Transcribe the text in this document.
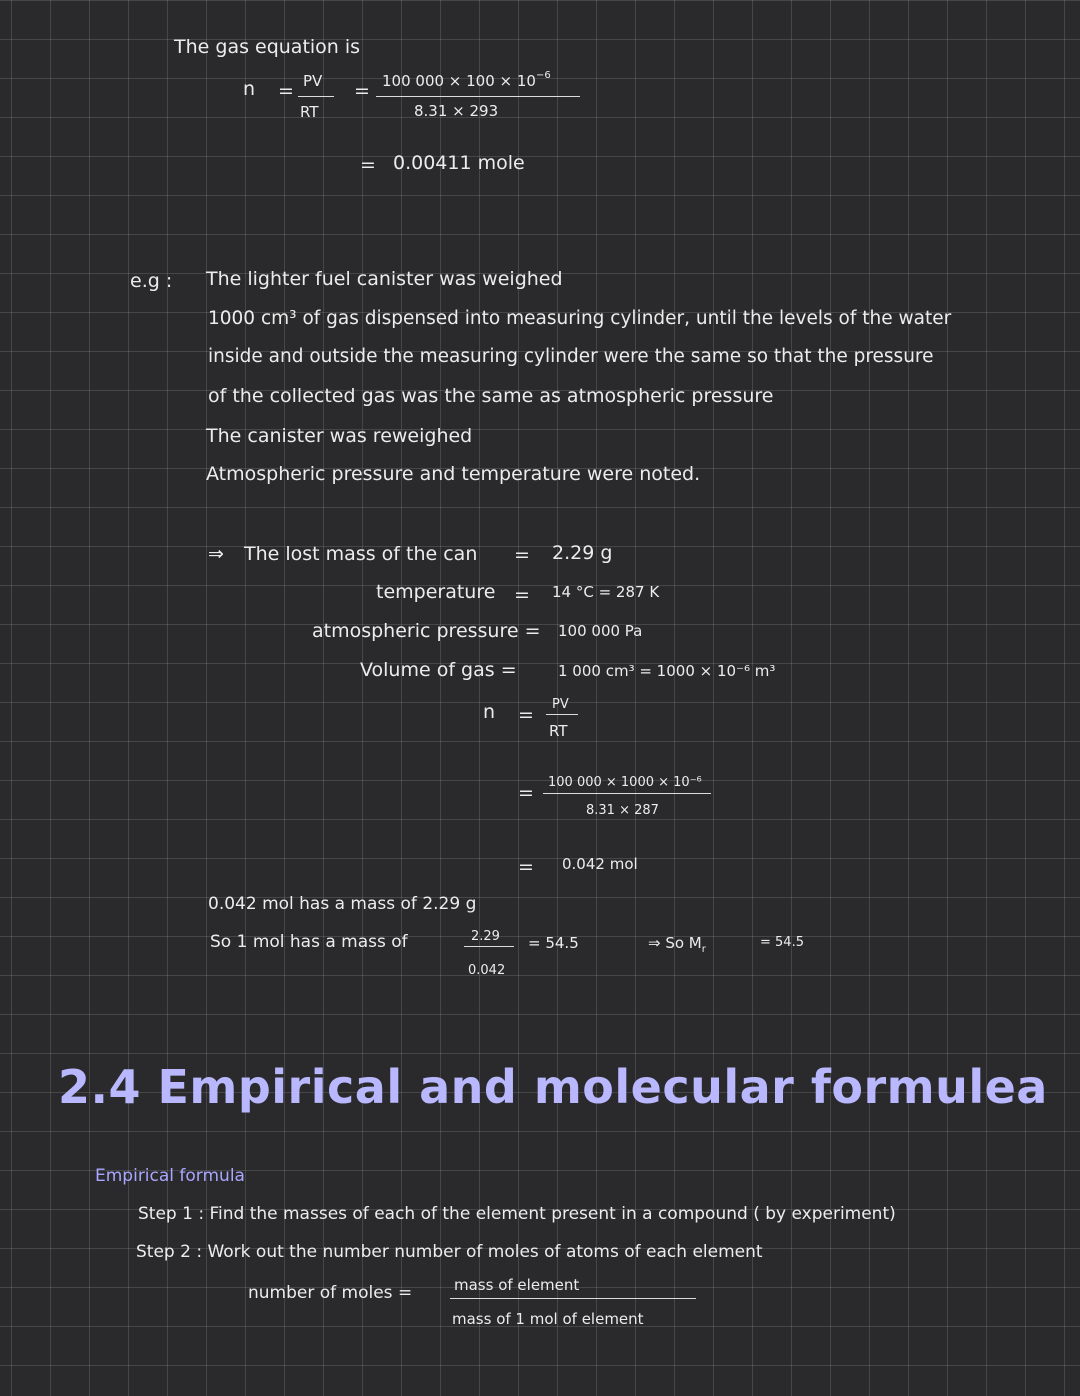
The gas equation is
n = PV
RT
= 100 $000 \times 100 \times 10^{-6}$
8.31 × 293
= 0.00411 mole
e.g : The lighter fuel canister was weighed
1000 cm³ of gas dispensed into measuring cylinder, until the levels of the water
inside and outside the measuring cylinder were the same so that the pressure
of the collected gas was the same as atmospheric pressure
The canister was reweighed
Atmospheric pressure and temperature were noted.
⇒ The lost mass of the can = 2.29 g
temperature = 14 °C = 287 K
atmospheric pressure = 100 000 Pa
Volume of gas =	1 000 cm³ = 1000 × 10⁻⁶ m³
n = PV
RT
= 100 000 × 1000 × 10⁻⁶
8.31 × 287
= 0.042 mol
0.042 mol has a mass of 2.29 g
So 1 mol has a mass of	2.29
0.042
= 54.5	⇒ So $M_r$	= 54.5
2.4 Empirical and molecular formulea
Empirical formula
Step 1 : Find the masses of each of the element present in a compound ( by experiment)
Step 2 : Work out the number number of moles of atoms of each element
number of moles =	mass of element
mass of 1 mol of element
